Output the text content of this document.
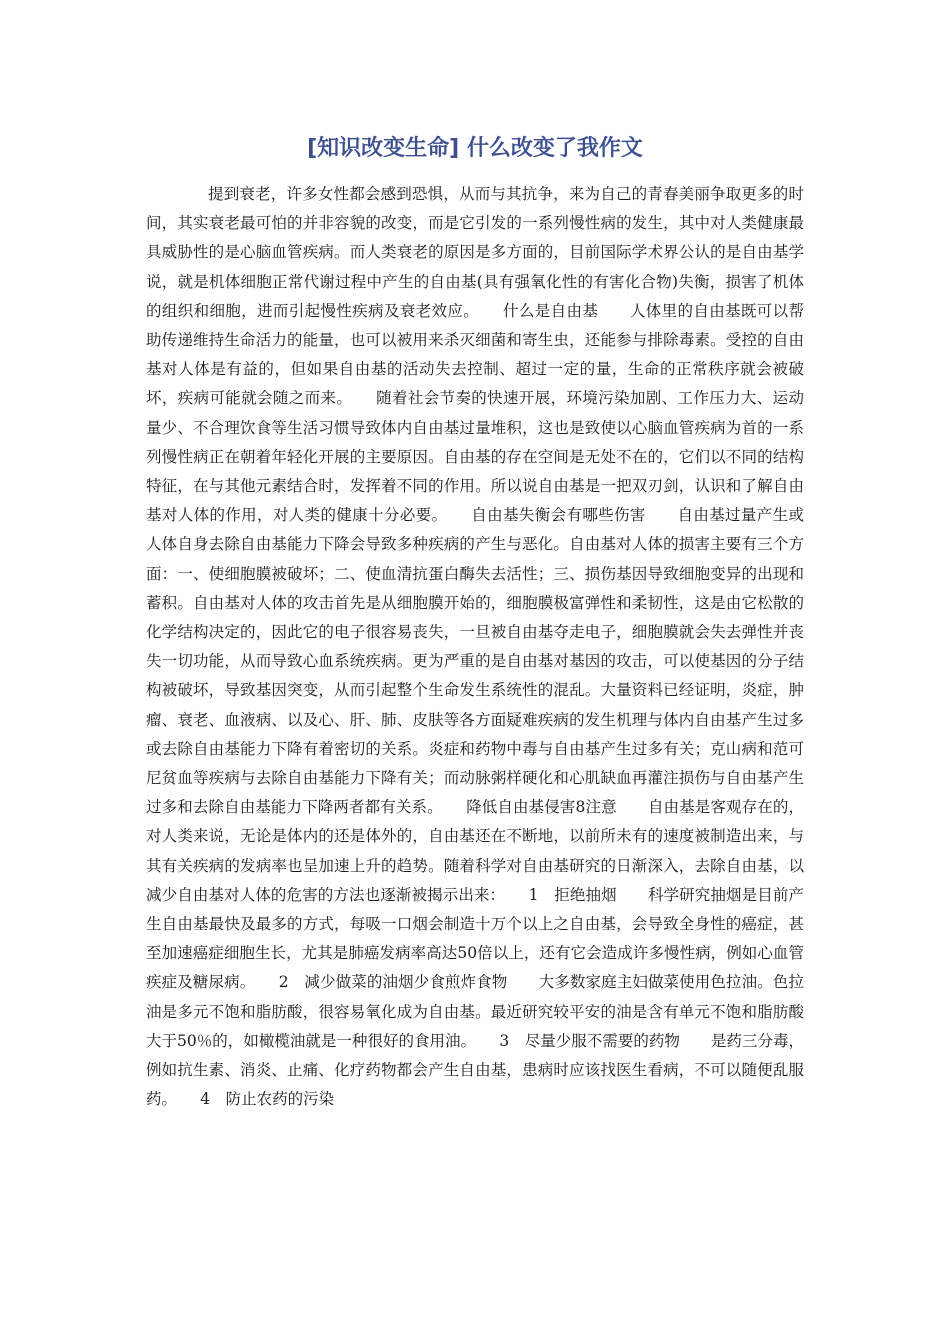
[知识改变生命] 什么改变了我作文

提到衰老，许多女性都会感到恐惧，从而与其抗争，来为自己的青春美丽争取更多的时间，其实衰老最可怕的并非容貌的改变，而是它引发的一系列慢性病的发生，其中对人类健康最具威胁性的是心脑血管疾病。而人类衰老的原因是多方面的，目前国际学术界公认的是自由基学说，就是机体细胞正常代谢过程中产生的自由基(具有强氧化性的有害化合物)失衡，损害了机体的组织和细胞，进而引起慢性疾病及衰老效应。　　什么是自由基　　人体里的自由基既可以帮助传递维持生命活力的能量，也可以被用来杀灭细菌和寄生虫，还能参与排除毒素。受控的自由基对人体是有益的，但如果自由基的活动失去控制、超过一定的量，生命的正常秩序就会被破坏，疾病可能就会随之而来。　　随着社会节奏的快速开展，环境污染加剧、工作压力大、运动量少、不合理饮食等生活习惯导致体内自由基过量堆积，这也是致使以心脑血管疾病为首的一系列慢性病正在朝着年轻化开展的主要原因。自由基的存在空间是无处不在的，它们以不同的结构特征，在与其他元素结合时，发挥着不同的作用。所以说自由基是一把双刃剑，认识和了解自由基对人体的作用，对人类的健康十分必要。　　自由基失衡会有哪些伤害　　自由基过量产生或人体自身去除自由基能力下降会导致多种疾病的产生与恶化。自由基对人体的损害主要有三个方面：一、使细胞膜被破坏；二、使血清抗蛋白酶失去活性；三、损伤基因导致细胞变异的出现和蓄积。自由基对人体的攻击首先是从细胞膜开始的，细胞膜极富弹性和柔韧性，这是由它松散的化学结构决定的，因此它的电子很容易丧失，一旦被自由基夺走电子，细胞膜就会失去弹性并丧失一切功能，从而导致心血系统疾病。更为严重的是自由基对基因的攻击，可以使基因的分子结构被破坏，导致基因突变，从而引起整个生命发生系统性的混乱。大量资料已经证明，炎症，肿瘤、衰老、血液病、以及心、肝、肺、皮肤等各方面疑难疾病的发生机理与体内自由基产生过多或去除自由基能力下降有着密切的关系。炎症和药物中毒与自由基产生过多有关；克山病和范可尼贫血等疾病与去除自由基能力下降有关；而动脉粥样硬化和心肌缺血再灌注损伤与自由基产生过多和去除自由基能力下降两者都有关系。　　降低自由基侵害8注意　　自由基是客观存在的，对人类来说，无论是体内的还是体外的，自由基还在不断地，以前所未有的速度被制造出来，与其有关疾病的发病率也呈加速上升的趋势。随着科学对自由基研究的日渐深入，去除自由基，以减少自由基对人体的危害的方法也逐渐被揭示出来：　　1　拒绝抽烟　　科学研究抽烟是目前产生自由基最快及最多的方式，每吸一口烟会制造十万个以上之自由基，会导致全身性的癌症，甚至加速癌症细胞生长，尤其是肺癌发病率高达50倍以上，还有它会造成许多慢性病，例如心血管疾症及糖尿病。　　2　减少做菜的油烟少食煎炸食物　　大多数家庭主妇做菜使用色拉油。色拉油是多元不饱和脂肪酸，很容易氧化成为自由基。最近研究较平安的油是含有单元不饱和脂肪酸大于50％的，如橄榄油就是一种很好的食用油。　　3　尽量少服不需要的药物　　是药三分毒，例如抗生素、消炎、止痛、化疗药物都会产生自由基，患病时应该找医生看病，不可以随便乱服药。　　4　防止农药的污染
